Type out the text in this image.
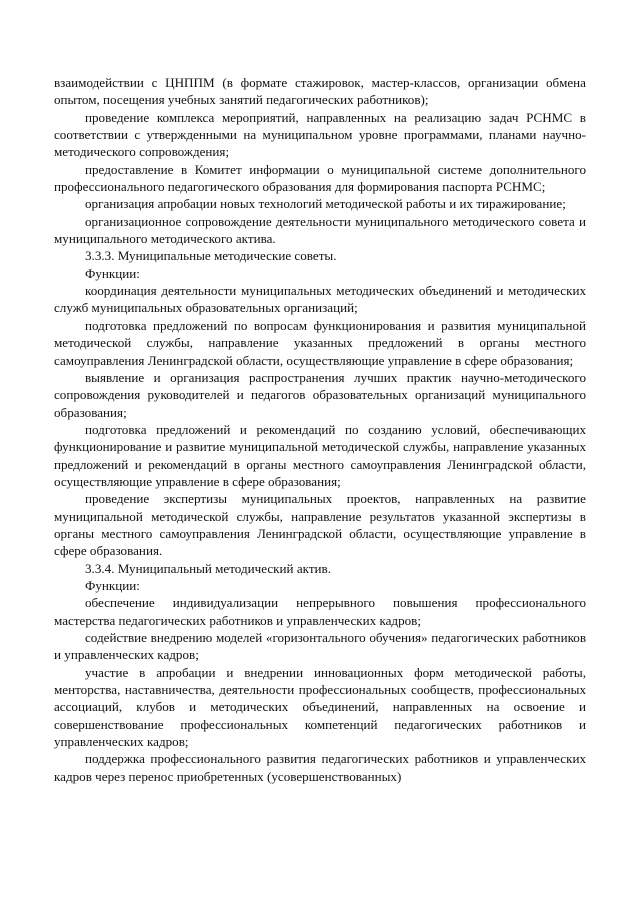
взаимодействии с ЦНППМ (в формате стажировок, мастер-классов, организации обмена опытом, посещения учебных занятий педагогических работников);

проведение комплекса мероприятий, направленных на реализацию задач РСНМС в соответствии с утвержденными на муниципальном уровне программами, планами научно-методического сопровождения;

предоставление в Комитет информации о муниципальной системе дополнительного профессионального педагогического образования для формирования паспорта РСНМС;

организация апробации новых технологий методической работы и их тиражирование;

организационное сопровождение деятельности муниципального методического совета и муниципального методического актива.

3.3.3. Муниципальные методические советы.

Функции:

координация деятельности муниципальных методических объединений и методических служб муниципальных образовательных организаций;

подготовка предложений по вопросам функционирования и развития муниципальной методической службы, направление указанных предложений в органы местного самоуправления Ленинградской области, осуществляющие управление в сфере образования;

выявление и организация распространения лучших практик научно-методического сопровождения руководителей и педагогов образовательных организаций муниципального образования;

подготовка предложений и рекомендаций по созданию условий, обеспечивающих функционирование и развитие муниципальной методической службы, направление указанных предложений и рекомендаций в органы местного самоуправления Ленинградской области, осуществляющие управление в сфере образования;

проведение экспертизы муниципальных проектов, направленных на развитие муниципальной методической службы, направление результатов указанной экспертизы в органы местного самоуправления Ленинградской области, осуществляющие управление в сфере образования.

3.3.4. Муниципальный методический актив.

Функции:

обеспечение индивидуализации непрерывного повышения профессионального мастерства педагогических работников и управленческих кадров;

содействие внедрению моделей «горизонтального обучения» педагогических работников и управленческих кадров;

участие в апробации и внедрении инновационных форм методической работы, менторства, наставничества, деятельности профессиональных сообществ, профессиональных ассоциаций, клубов и методических объединений, направленных на освоение и совершенствование профессиональных компетенций педагогических работников и управленческих кадров;

поддержка профессионального развития педагогических работников и управленческих кадров через перенос приобретенных (усовершенствованных)
